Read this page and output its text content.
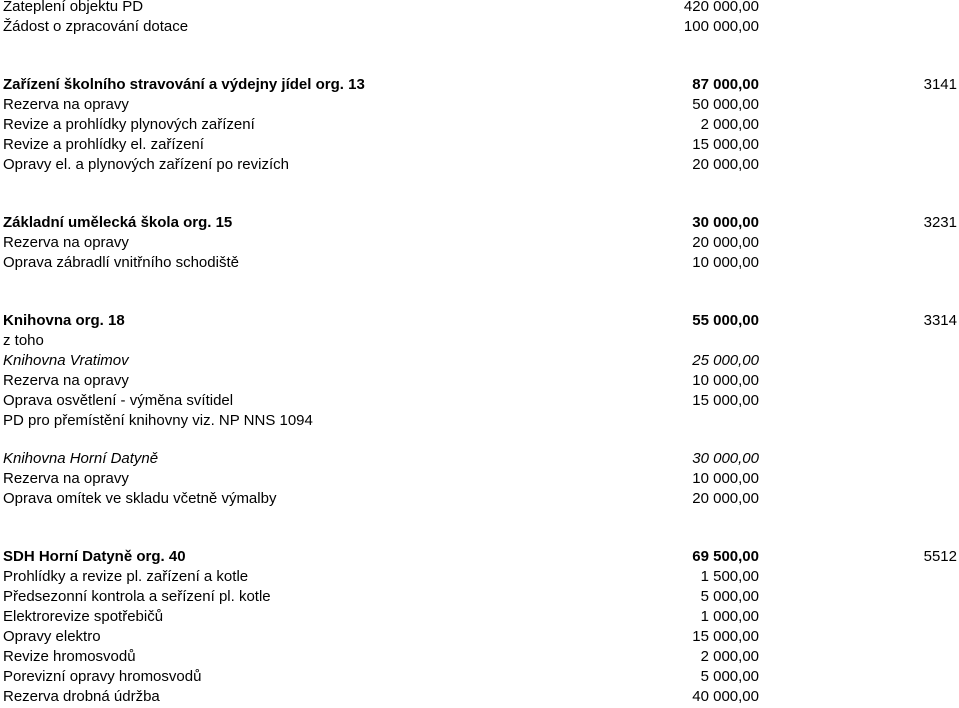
Zateplení objektu PD	420 000,00
Žádost o zpracování dotace	100 000,00
Zařízení školního stravování a výdejny jídel org. 13	87 000,00	3141
Rezerva na opravy	50 000,00
Revize a prohlídky plynových zařízení	2 000,00
Revize a prohlídky el. zařízení	15 000,00
Opravy el. a plynových zařízení po revizích	20 000,00
Základní umělecká škola org. 15	30 000,00	3231
Rezerva na opravy	20 000,00
Oprava zábradlí vnitřního schodiště	10 000,00
Knihovna org. 18	55 000,00	3314
z toho
Knihovna Vratimov	25 000,00
Rezerva na opravy	10 000,00
Oprava osvětlení - výměna svítidel	15 000,00
PD pro přemístění knihovny viz. NP NNS 1094
Knihovna Horní Datyně	30 000,00
Rezerva na opravy	10 000,00
Oprava omítek ve skladu včetně výmalby	20 000,00
SDH Horní Datyně org. 40	69 500,00	5512
Prohlídky a revize pl. zařízení a kotle	1 500,00
Předsezonní kontrola a seřízení pl. kotle	5 000,00
Elektrorevize spotřebičů	1 000,00
Opravy elektro	15 000,00
Revize hromosvodů	2 000,00
Porevizní opravy hromosvodů	5 000,00
Rezerva drobná údržba	40 000,00
